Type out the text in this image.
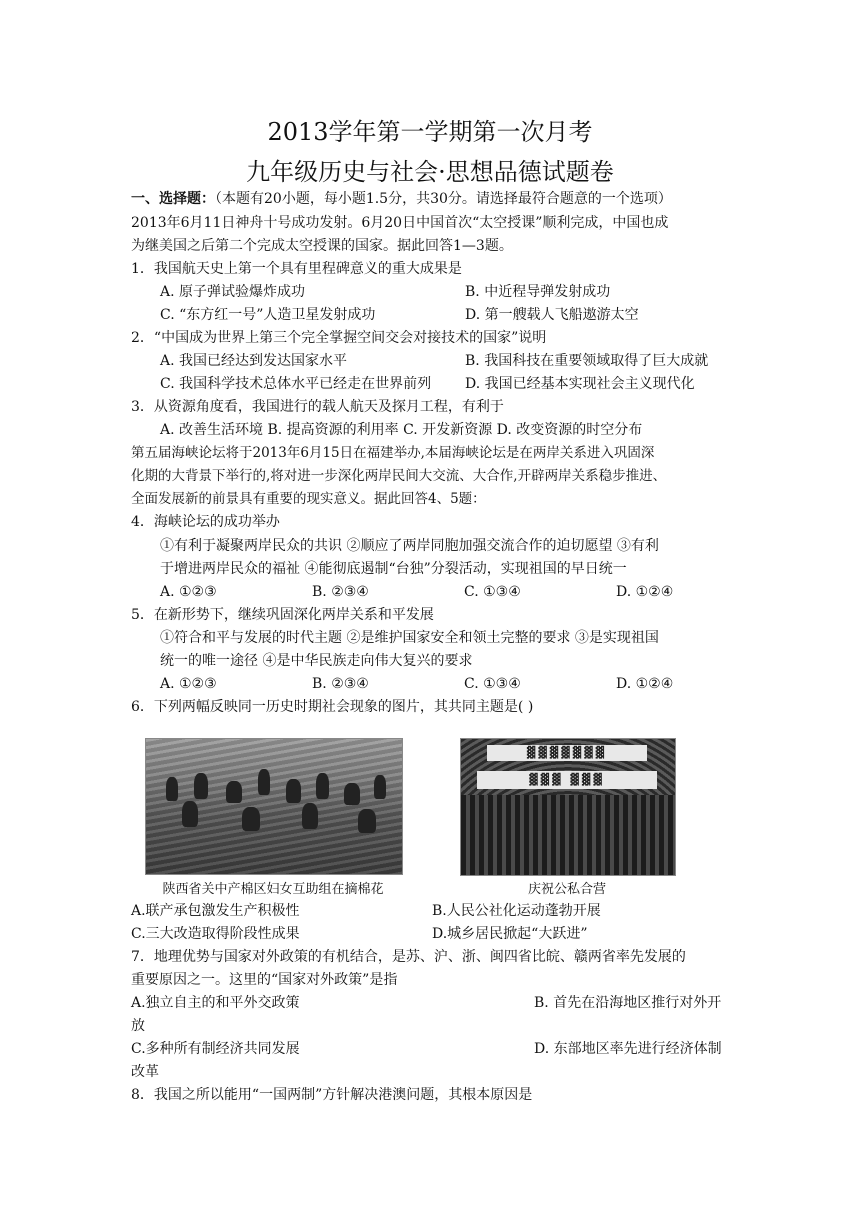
2013学年第一学期第一次月考
九年级历史与社会·思想品德试题卷
一、选择题：（本题有20小题，每小题1.5分，共30分。请选择最符合题意的一个选项）
2013年6月11日神舟十号成功发射。6月20日中国首次“太空授课”顺利完成，中国也成
为继美国之后第二个完成太空授课的国家。据此回答1—3题。
1．我国航天史上第一个具有里程碑意义的重大成果是
A. 原子弹试验爆炸成功	B. 中近程导弹发射成功
C. “东方红一号”人造卫星发射成功	D. 第一艘载人飞船遨游太空
2．“中国成为世界上第三个完全掌握空间交会对接技术的国家”说明
A. 我国已经达到发达国家水平	B. 我国科技在重要领域取得了巨大成就
C. 我国科学技术总体水平已经走在世界前列 D. 我国已经基本实现社会主义现代化
3．从资源角度看，我国进行的载人航天及探月工程，有利于
A. 改善生活环境 B. 提高资源的利用率 C. 开发新资源 D. 改变资源的时空分布
第五届海峡论坛将于2013年6月15日在福建举办,本届海峡论坛是在两岸关系进入巩固深
化期的大背景下举行的,将对进一步深化两岸民间大交流、大合作,开辟两岸关系稳步推进、
全面发展新的前景具有重要的现实意义。据此回答4、5题：
4．海峡论坛的成功举办
①有利于凝聚两岸民众的共识 ②顺应了两岸同胞加强交流合作的迫切愿望 ③有利
于增进两岸民众的福祉 ④能彻底遏制“台独”分裂活动，实现祖国的早日统一
A. ①②③	B. ②③④	C. ①③④	D. ①②④
5．在新形势下，继续巩固深化两岸关系和平发展
①符合和平与发展的时代主题 ②是维护国家安全和领土完整的要求 ③是实现祖国
统一的唯一途径 ④是中华民族走向伟大复兴的要求
A. ①②③	B. ②③④	C. ①③④	D. ①②④
6．下列两幅反映同一历史时期社会现象的图片，其共同主题是( )
▓▓▓▓▓▓▓
▓▓▓ ▓▓▓
陕西省关中产棉区妇女互助组在摘棉花	庆祝公私合营
A.联产承包激发生产积极性	B.人民公社化运动蓬勃开展
C.三大改造取得阶段性成果	D.城乡居民掀起“大跃进”
7．地理优势与国家对外政策的有机结合，是苏、沪、浙、闽四省比皖、赣两省率先发展的
重要原因之一。这里的“国家对外政策”是指
A.独立自主的和平外交政策	B. 首先在沿海地区推行对外开
放
C.多种所有制经济共同发展	D. 东部地区率先进行经济体制
改革
8．我国之所以能用“一国两制”方针解决港澳问题，其根本原因是
